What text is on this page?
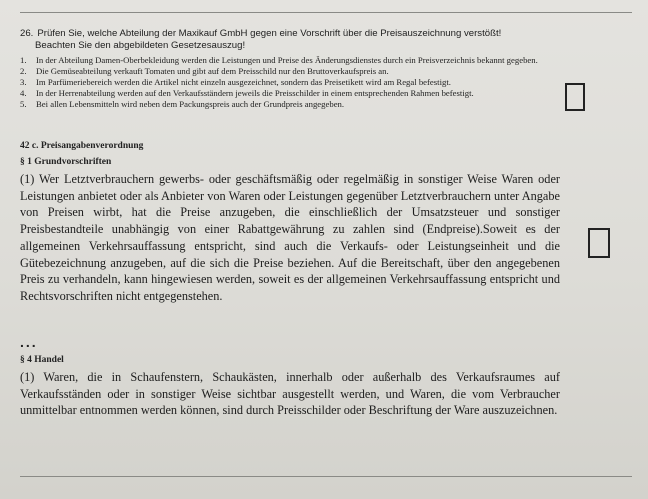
26. Prüfen Sie, welche Abteilung der Maxikauf GmbH gegen eine Vorschrift über die Preisauszeichnung verstößt!
Beachten Sie den abgebildeten Gesetzesauszug!
1. In der Abteilung Damen-Oberbekleidung werden die Leistungen und Preise des Änderungsdienstes durch ein Preisverzeichnis bekannt gegeben.
2. Die Gemüseabteilung verkauft Tomaten und gibt auf dem Preisschild nur den Bruttoverkaufspreis an.
3. Im Parfümeriebereich werden die Artikel nicht einzeln ausgezeichnet, sondern das Preisetikett wird am Regal befestigt.
4. In der Herrenabteilung werden auf den Verkaufsständern jeweils die Preisschilder in einem entsprechenden Rahmen befestigt.
5. Bei allen Lebensmitteln wird neben dem Packungspreis auch der Grundpreis angegeben.
42 c. Preisangabenverordnung
§ 1 Grundvorschriften
(1) Wer Letztverbrauchern gewerbs- oder geschäftsmäßig oder regelmäßig in sonstiger Weise Waren oder Leistungen anbietet oder als Anbieter von Waren oder Leistungen gegenüber Letztverbrauchern unter Angabe von Preisen wirbt, hat die Preise anzugeben, die einschließlich der Umsatzsteuer und sonstiger Preisbestandteile unabhängig von einer Rabattgewährung zu zahlen sind (Endpreise).Soweit es der allgemeinen Verkehrsauffassung entspricht, sind auch die Verkaufs- oder Leistungseinheit und die Gütebezeichnung anzugeben, auf die sich die Preise beziehen. Auf die Bereitschaft, über den angegebenen Preis zu verhandeln, kann hingewiesen werden, soweit es der allgemeinen Verkehrsauffassung entspricht und Rechtsvorschriften nicht entgegenstehen.
...
§ 4 Handel
(1) Waren, die in Schaufenstern, Schaukästen, innerhalb oder außerhalb des Verkaufsraumes auf Verkaufsständen oder in sonstiger Weise sichtbar ausgestellt werden, und Waren, die vom Verbraucher unmittelbar entnommen werden können, sind durch Preisschilder oder Beschriftung der Ware auszuzeichnen.
